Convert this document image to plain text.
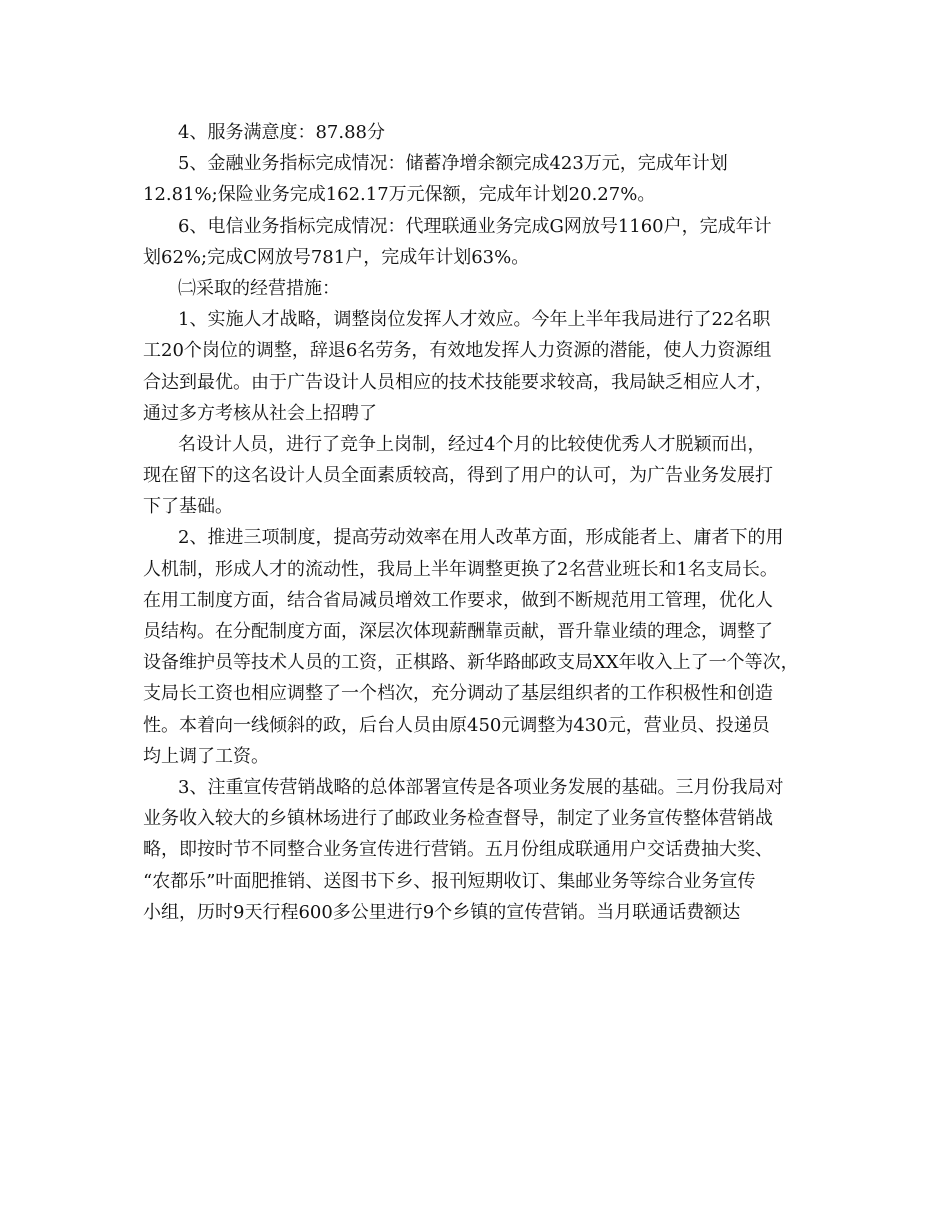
4、服务满意度：87.88分
5、金融业务指标完成情况：储蓄净增余额完成423万元，完成年计划
12.81%;保险业务完成162.17万元保额，完成年计划20.27%。
6、电信业务指标完成情况：代理联通业务完成G网放号1160户，完成年计
划62%;完成C网放号781户，完成年计划63%。
㈡采取的经营措施：
1、实施人才战略，调整岗位发挥人才效应。今年上半年我局进行了22名职
工20个岗位的调整，辞退6名劳务，有效地发挥人力资源的潜能，使人力资源组
合达到最优。由于广告设计人员相应的技术技能要求较高，我局缺乏相应人才，
通过多方考核从社会上招聘了
名设计人员，进行了竞争上岗制，经过4个月的比较使优秀人才脱颖而出，
现在留下的这名设计人员全面素质较高，得到了用户的认可，为广告业务发展打
下了基础。
2、推进三项制度，提高劳动效率在用人改革方面，形成能者上、庸者下的用
人机制，形成人才的流动性，我局上半年调整更换了2名营业班长和1名支局长。
在用工制度方面，结合省局减员增效工作要求，做到不断规范用工管理，优化人
员结构。在分配制度方面，深层次体现薪酬靠贡献，晋升靠业绩的理念，调整了
设备维护员等技术人员的工资，正棋路、新华路邮政支局XX年收入上了一个等次，
支局长工资也相应调整了一个档次，充分调动了基层组织者的工作积极性和创造
性。本着向一线倾斜的政，后台人员由原450元调整为430元，营业员、投递员
均上调了工资。
3、注重宣传营销战略的总体部署宣传是各项业务发展的基础。三月份我局对
业务收入较大的乡镇林场进行了邮政业务检查督导，制定了业务宣传整体营销战
略，即按时节不同整合业务宣传进行营销。五月份组成联通用户交话费抽大奖、
“农都乐”叶面肥推销、送图书下乡、报刊短期收订、集邮业务等综合业务宣传
小组，历时9天行程600多公里进行9个乡镇的宣传营销。当月联通话费额达
